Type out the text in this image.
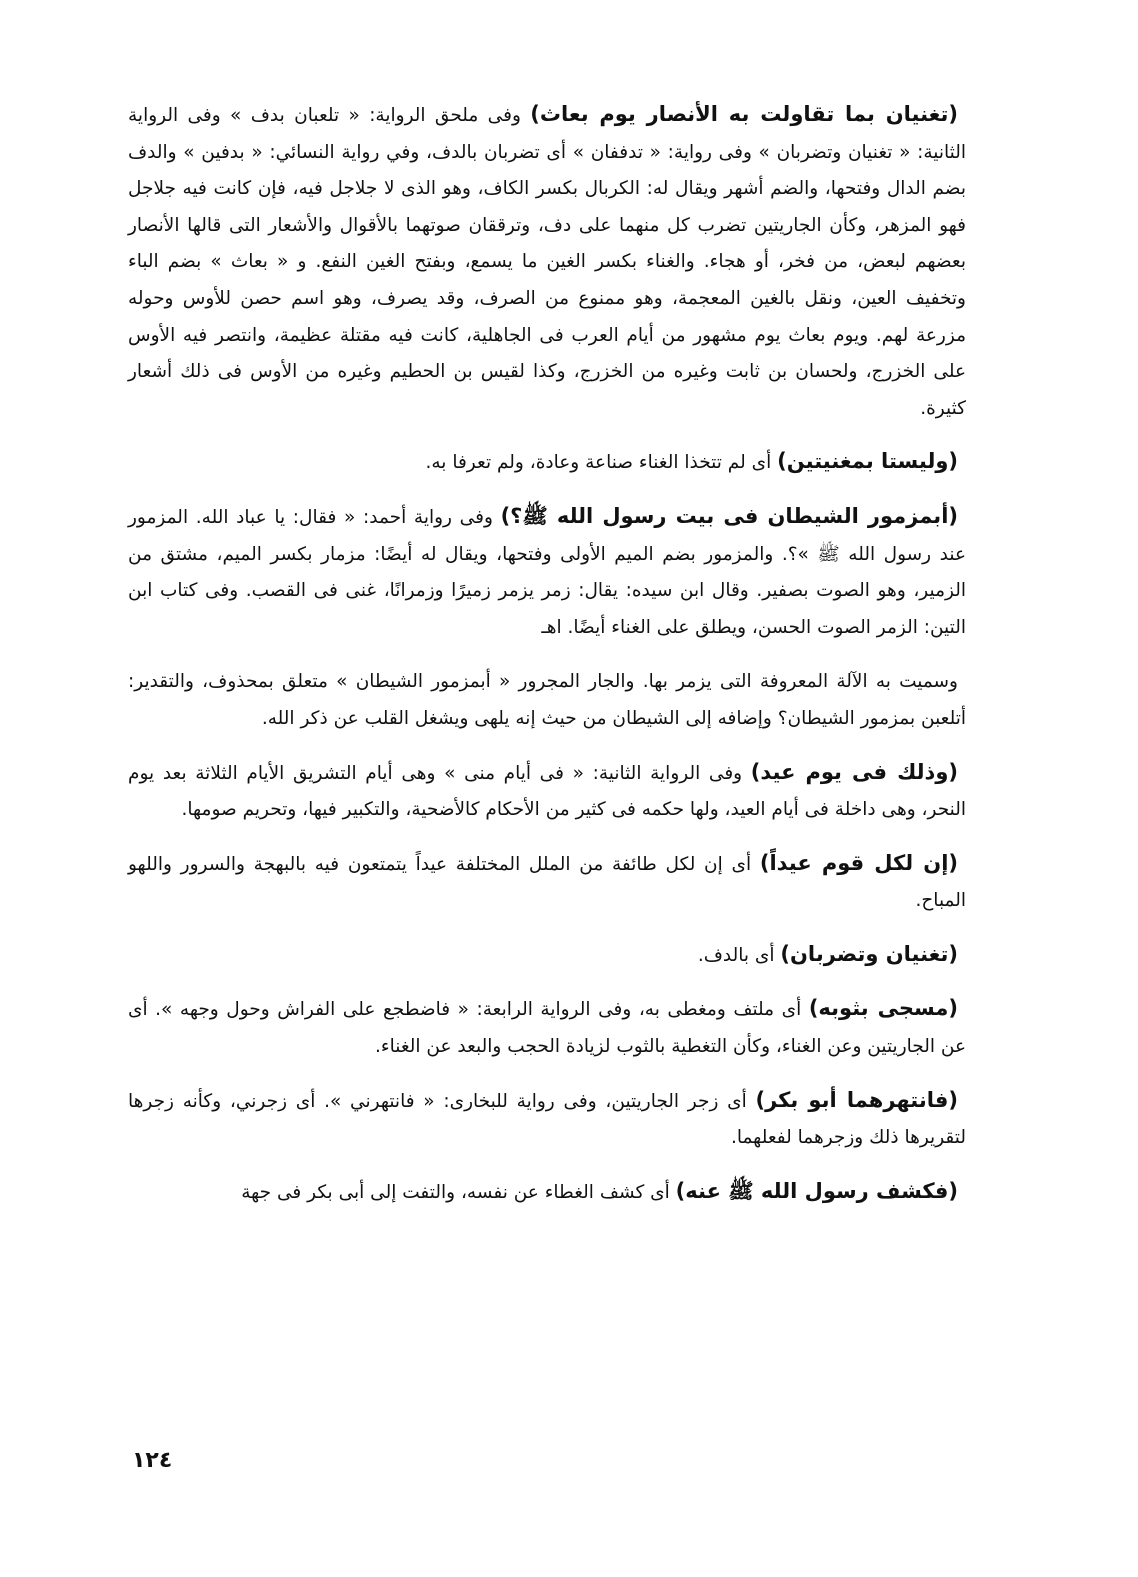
(تغنيان بما تقاولت به الأنصار يوم بعاث) وفى ملحق الرواية: « تلعبان بدف » وفى الرواية الثانية: « تغنيان وتضربان » وفى رواية: « تدففان » أى تضربان بالدف، وفي رواية النسائي: « بدفين » والدف بضم الدال وفتحها، والضم أشهر ويقال له: الكربال بكسر الكاف، وهو الذى لا جلاجل فيه، فإن كانت فيه جلاجل فهو المزهر، وكأن الجاريتين تضرب كل منهما على دف، وترققان صوتهما بالأقوال والأشعار التى قالها الأنصار بعضهم لبعض، من فخر، أو هجاء. والغناء بكسر الغين ما يسمع، وبفتح الغين النفع. و « بعاث » بضم الباء وتخفيف العين، ونقل بالغين المعجمة، وهو ممنوع من الصرف، وقد يصرف، وهو اسم حصن للأوس وحوله مزرعة لهم. ويوم بعاث يوم مشهور من أيام العرب فى الجاهلية، كانت فيه مقتلة عظيمة، وانتصر فيه الأوس على الخزرج، ولحسان بن ثابت وغيره من الخزرج، وكذا لقيس بن الحطيم وغيره من الأوس فى ذلك أشعار كثيرة.

(وليستا بمغنيتين) أى لم تتخذا الغناء صناعة وعادة، ولم تعرفا به.

(أبمزمور الشيطان فى بيت رسول الله ﷺ؟) وفى رواية أحمد: « فقال: يا عباد الله. المزمور عند رسول الله ﷺ »؟. والمزمور بضم الميم الأولى وفتحها، ويقال له أيضًا: مزمار بكسر الميم، مشتق من الزمير، وهو الصوت بصفير. وقال ابن سيده: يقال: زمر يزمر زميرًا وزمرانًا، غنى فى القصب. وفى كتاب ابن التين: الزمر الصوت الحسن، ويطلق على الغناء أيضًا. اهـ

وسميت به الآلة المعروفة التى يزمر بها. والجار المجرور « أبمزمور الشيطان » متعلق بمحذوف، والتقدير: أتلعبن بمزمور الشيطان؟ وإضافه إلى الشيطان من حيث إنه يلهى ويشغل القلب عن ذكر الله.

(وذلك فى يوم عيد) وفى الرواية الثانية: « فى أيام منى » وهى أيام التشريق الأيام الثلاثة بعد يوم النحر، وهى داخلة فى أيام العيد، ولها حكمه فى كثير من الأحكام كالأضحية، والتكبير فيها، وتحريم صومها.

(إن لكل قوم عيداً) أى إن لكل طائفة من الملل المختلفة عيداً يتمتعون فيه بالبهجة والسرور واللهو المباح.

(تغنيان وتضربان) أى بالدف.

(مسجى بثوبه) أى ملتف ومغطى به، وفى الرواية الرابعة: « فاضطجع على الفراش وحول وجهه ». أى عن الجاريتين وعن الغناء، وكأن التغطية بالثوب لزيادة الحجب والبعد عن الغناء.

(فانتهرهما أبو بكر) أى زجر الجاريتين، وفى رواية للبخارى: « فانتهرني ». أى زجرني، وكأنه زجرها لتقريرها ذلك وزجرهما لفعلهما.

(فكشف رسول الله ﷺ عنه) أى كشف الغطاء عن نفسه، والتفت إلى أبى بكر فى جهة

١٢٤
